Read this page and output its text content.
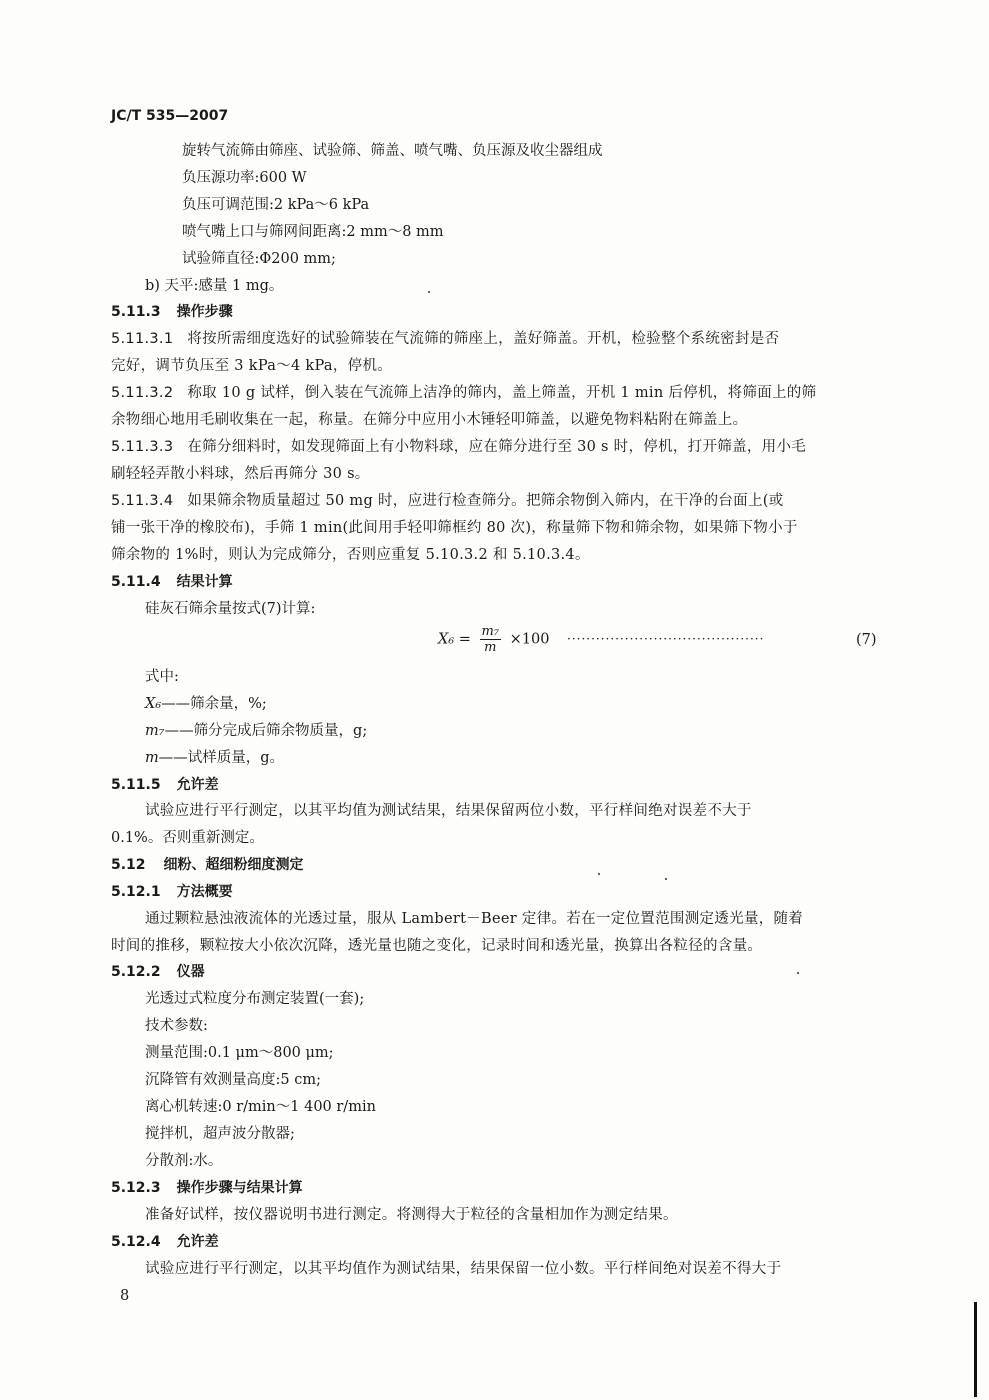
JC/T 535—2007
旋转气流筛由筛座、试验筛、筛盖、喷气嘴、负压源及收尘器组成
负压源功率:600 W
负压可调范围:2 kPa～6 kPa
喷气嘴上口与筛网间距离:2 mm～8 mm
试验筛直径:Φ200 mm;
b) 天平:感量 1 mg。
5.11.3 操作步骤
5.11.3.1 将按所需细度选好的试验筛装在气流筛的筛座上，盖好筛盖。开机，检验整个系统密封是否
完好，调节负压至 3 kPa～4 kPa，停机。
5.11.3.2 称取 10 g 试样，倒入装在气流筛上洁净的筛内，盖上筛盖，开机 1 min 后停机，将筛面上的筛
余物细心地用毛刷收集在一起，称量。在筛分中应用小木锤轻叩筛盖，以避免物料粘附在筛盖上。
5.11.3.3 在筛分细料时，如发现筛面上有小物料球，应在筛分进行至 30 s 时，停机，打开筛盖，用小毛
刷轻轻弄散小料球，然后再筛分 30 s。
5.11.3.4 如果筛余物质量超过 50 mg 时，应进行检查筛分。把筛余物倒入筛内，在干净的台面上(或
铺一张干净的橡胶布)，手筛 1 min(此间用手轻叩筛框约 80 次)，称量筛下物和筛余物，如果筛下物小于
筛余物的 1%时，则认为完成筛分，否则应重复 5.10.3.2 和 5.10.3.4。
5.11.4 结果计算
硅灰石筛余量按式(7)计算:
$X_6 = \frac{\text{m₇}}{m} \times 100$ ·········································	(7)
式中:
X₆——筛余量，%;
m₇——筛分完成后筛余物质量，g;
m——试样质量，g。
5.11.5 允许差
试验应进行平行测定，以其平均值为测试结果，结果保留两位小数，平行样间绝对误差不大于
0.1%。否则重新测定。
5.12 细粉、超细粉细度测定
5.12.1 方法概要
通过颗粒悬浊液流体的光透过量，服从 Lambert－Beer 定律。若在一定位置范围测定透光量，随着
时间的推移，颗粒按大小依次沉降，透光量也随之变化，记录时间和透光量，换算出各粒径的含量。
5.12.2 仪器
光透过式粒度分布测定装置(一套);
技术参数:
测量范围:0.1 μm～800 μm;
沉降管有效测量高度:5 cm;
离心机转速:0 r/min～1 400 r/min
搅拌机，超声波分散器;
分散剂:水。
5.12.3 操作步骤与结果计算
准备好试样，按仪器说明书进行测定。将测得大于粒径的含量相加作为测定结果。
5.12.4 允许差
试验应进行平行测定，以其平均值作为测试结果，结果保留一位小数。平行样间绝对误差不得大于
8
